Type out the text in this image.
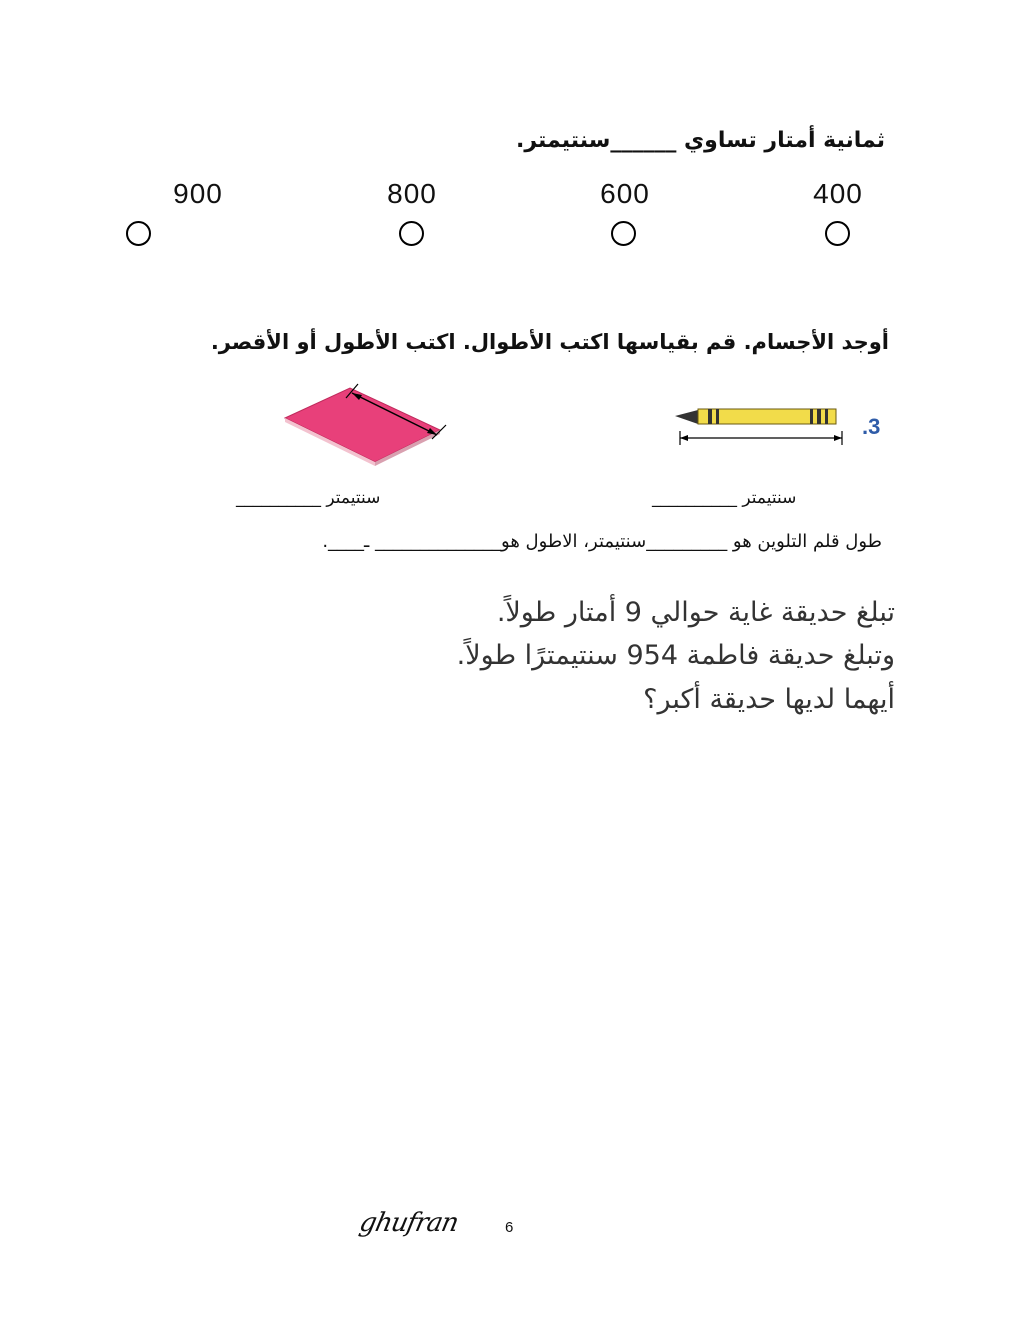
ثمانية أمتار تساوي ______سنتيمتر.
900	800	600	400
أوجد الأجسام. قم بقياسها اكتب الأطوال. اكتب الأطول أو الأقصر.
.3
سنتيمتر __________	سنتيمتر __________
طول قلم التلوين هو _________سنتيمتر، الاطول هو______________ ـ____.
تبلغ حديقة غاية حوالي 9 أمتار طولاً.
وتبلغ حديقة فاطمة 954 سنتيمترًا طولاً.
أيهما لديها حديقة أكبر؟
ghufran	6
